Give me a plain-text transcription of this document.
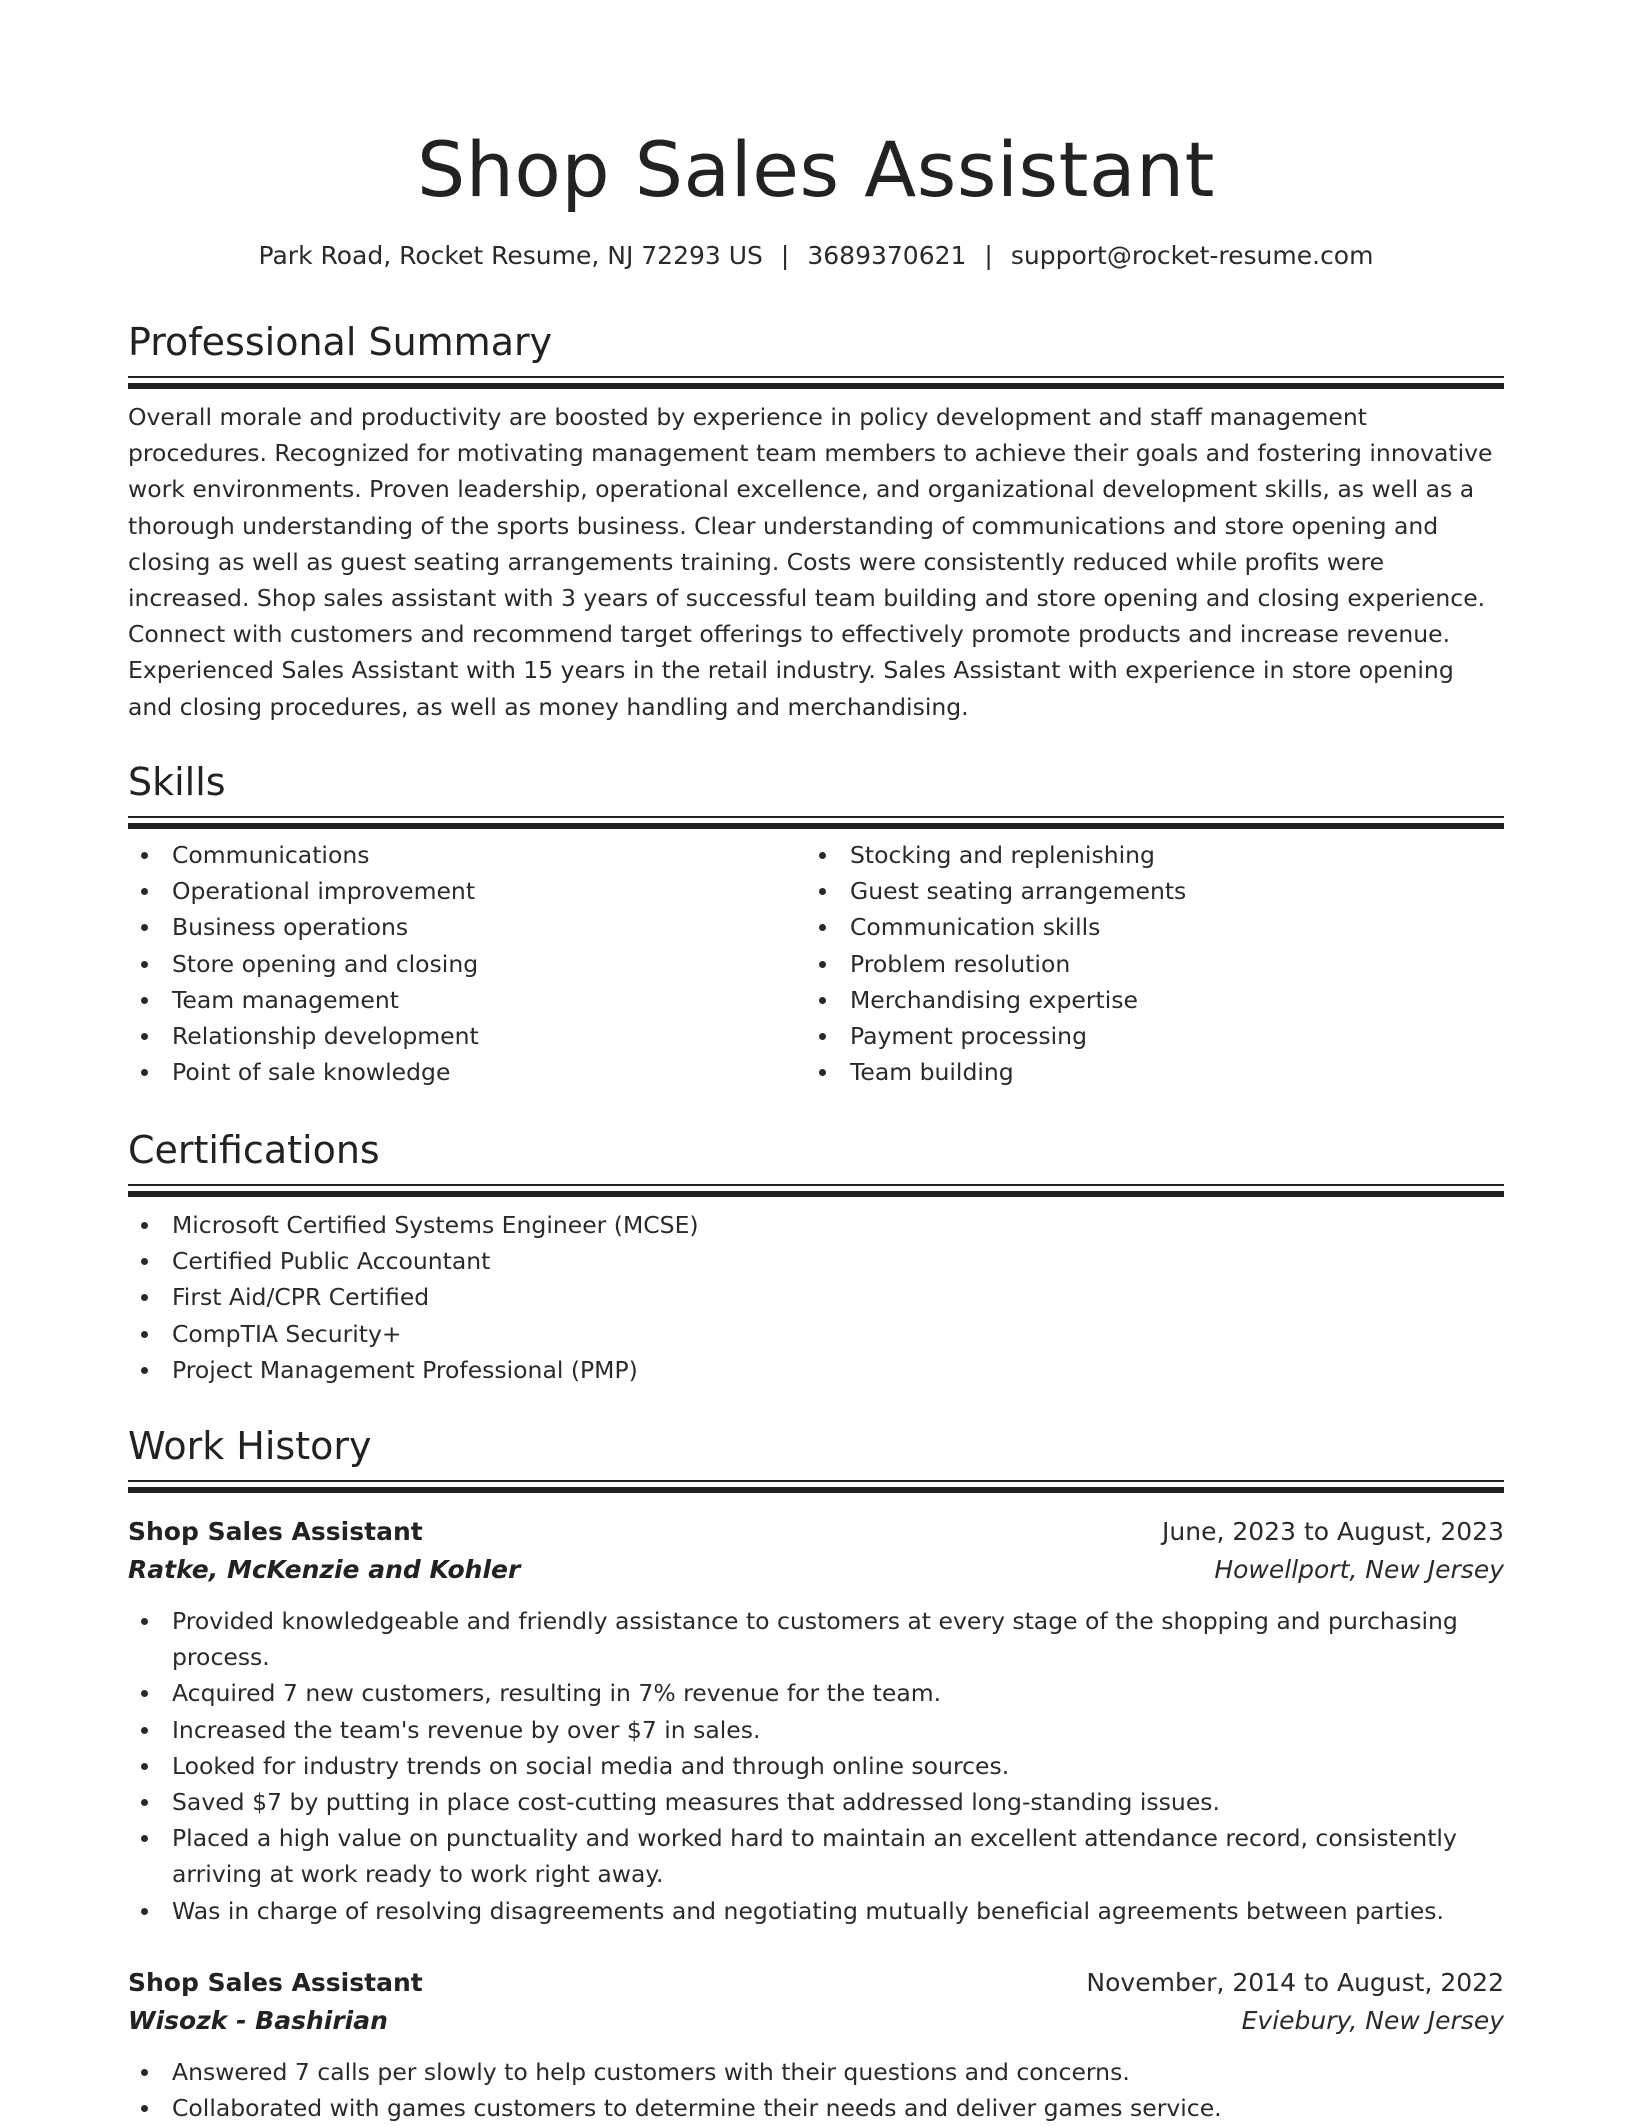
Shop Sales Assistant
Park Road, Rocket Resume, NJ 72293 US | 3689370621 | support@rocket-resume.com
Professional Summary

Overall morale and productivity are boosted by experience in policy development and staff management procedures. Recognized for motivating management team members to achieve their goals and fostering innovative work environments. Proven leadership, operational excellence, and organizational development skills, as well as a thorough understanding of the sports business. Clear understanding of communications and store opening and closing as well as guest seating arrangements training. Costs were consistently reduced while profits were increased. Shop sales assistant with 3 years of successful team building and store opening and closing experience. Connect with customers and recommend target offerings to effectively promote products and increase revenue. Experienced Sales Assistant with 15 years in the retail industry. Sales Assistant with experience in store opening and closing procedures, as well as money handling and merchandising.

Skills
Communications
Operational improvement
Business operations
Store opening and closing
Team management
Relationship development
Point of sale knowledge
Stocking and replenishing
Guest seating arrangements
Communication skills
Problem resolution
Merchandising expertise
Payment processing
Team building
Certifications
Microsoft Certified Systems Engineer (MCSE)
Certified Public Accountant
First Aid/CPR Certified
CompTIA Security+
Project Management Professional (PMP)
Work History
Shop Sales Assistant	June, 2023 to August, 2023
Ratke, McKenzie and Kohler	Howellport, New Jersey
Provided knowledgeable and friendly assistance to customers at every stage of the shopping and purchasing process.
Acquired 7 new customers, resulting in 7% revenue for the team.
Increased the team's revenue by over $7 in sales.
Looked for industry trends on social media and through online sources.
Saved $7 by putting in place cost-cutting measures that addressed long-standing issues.
Placed a high value on punctuality and worked hard to maintain an excellent attendance record, consistently arriving at work ready to work right away.
Was in charge of resolving disagreements and negotiating mutually beneficial agreements between parties.
Shop Sales Assistant	November, 2014 to August, 2022
Wisozk - Bashirian	Eviebury, New Jersey
Answered 7 calls per slowly to help customers with their questions and concerns.
Collaborated with games customers to determine their needs and deliver games service.
